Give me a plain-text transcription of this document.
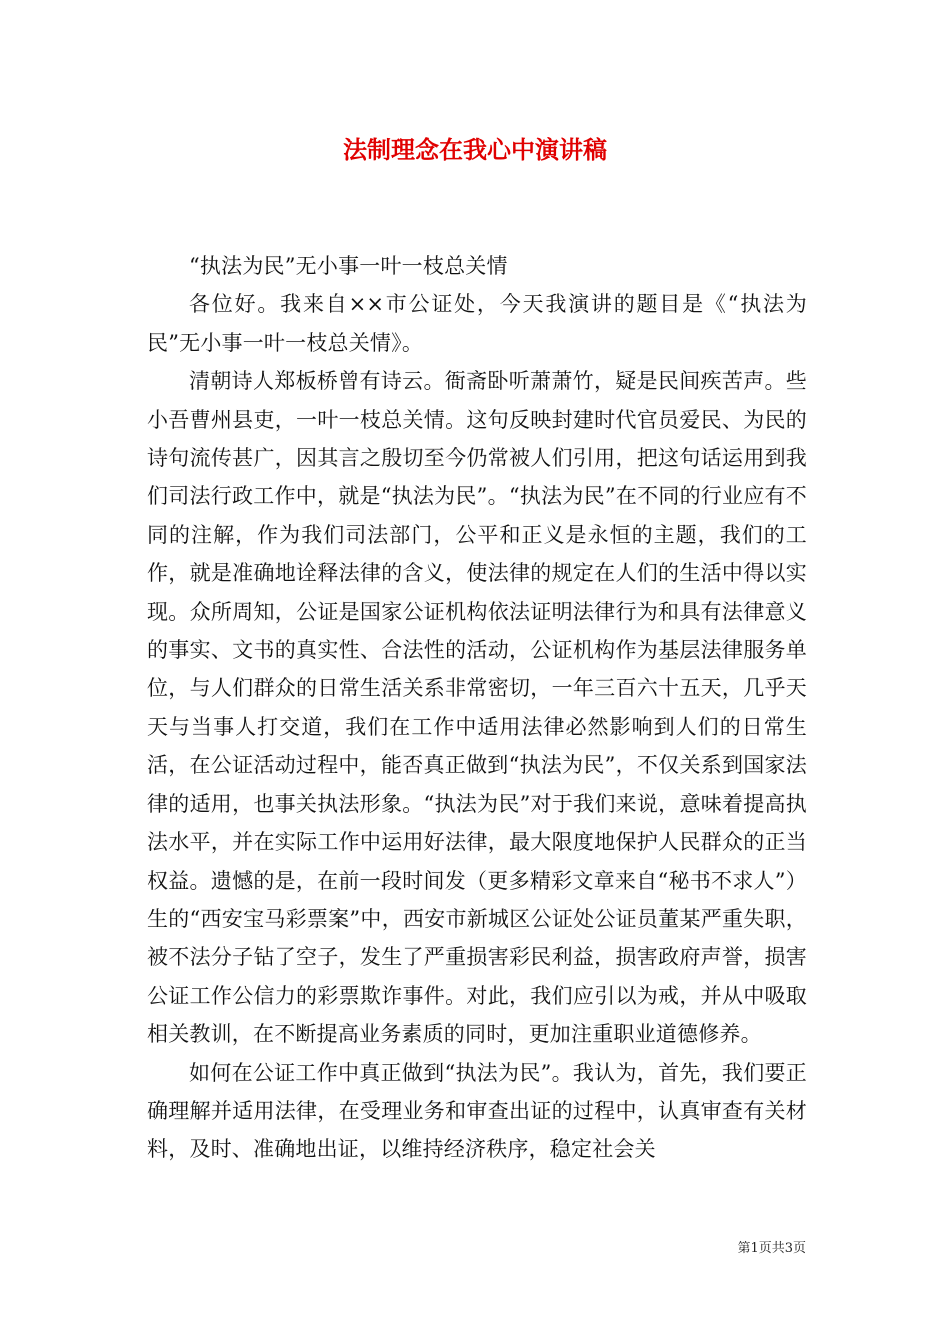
法制理念在我心中演讲稿

“执法为民”无小事一叶一枝总关情

各位好。我来自××市公证处，今天我演讲的题目是《“执法为民”无小事一叶一枝总关情》。

清朝诗人郑板桥曾有诗云。衙斋卧听萧萧竹，疑是民间疾苦声。些小吾曹州县吏，一叶一枝总关情。这句反映封建时代官员爱民、为民的诗句流传甚广，因其言之殷切至今仍常被人们引用，把这句话运用到我们司法行政工作中，就是“执法为民”。“执法为民”在不同的行业应有不同的注解，作为我们司法部门，公平和正义是永恒的主题，我们的工作，就是准确地诠释法律的含义，使法律的规定在人们的生活中得以实现。众所周知，公证是国家公证机构依法证明法律行为和具有法律意义的事实、文书的真实性、合法性的活动，公证机构作为基层法律服务单位，与人们群众的日常生活关系非常密切，一年三百六十五天，几乎天天与当事人打交道，我们在工作中适用法律必然影响到人们的日常生活，在公证活动过程中，能否真正做到“执法为民”，不仅关系到国家法律的适用，也事关执法形象。“执法为民”对于我们来说，意味着提高执法水平，并在实际工作中运用好法律，最大限度地保护人民群众的正当权益。遗憾的是，在前一段时间发（更多精彩文章来自“秘书不求人”）生的“西安宝马彩票案”中，西安市新城区公证处公证员董某严重失职，被不法分子钻了空子，发生了严重损害彩民利益，损害政府声誉，损害公证工作公信力的彩票欺诈事件。对此，我们应引以为戒，并从中吸取相关教训，在不断提高业务素质的同时，更加注重职业道德修养。

如何在公证工作中真正做到“执法为民”。我认为，首先，我们要正确理解并适用法律，在受理业务和审查出证的过程中，认真审查有关材料，及时、准确地出证，以维持经济秩序，稳定社会关

第1页共3页
